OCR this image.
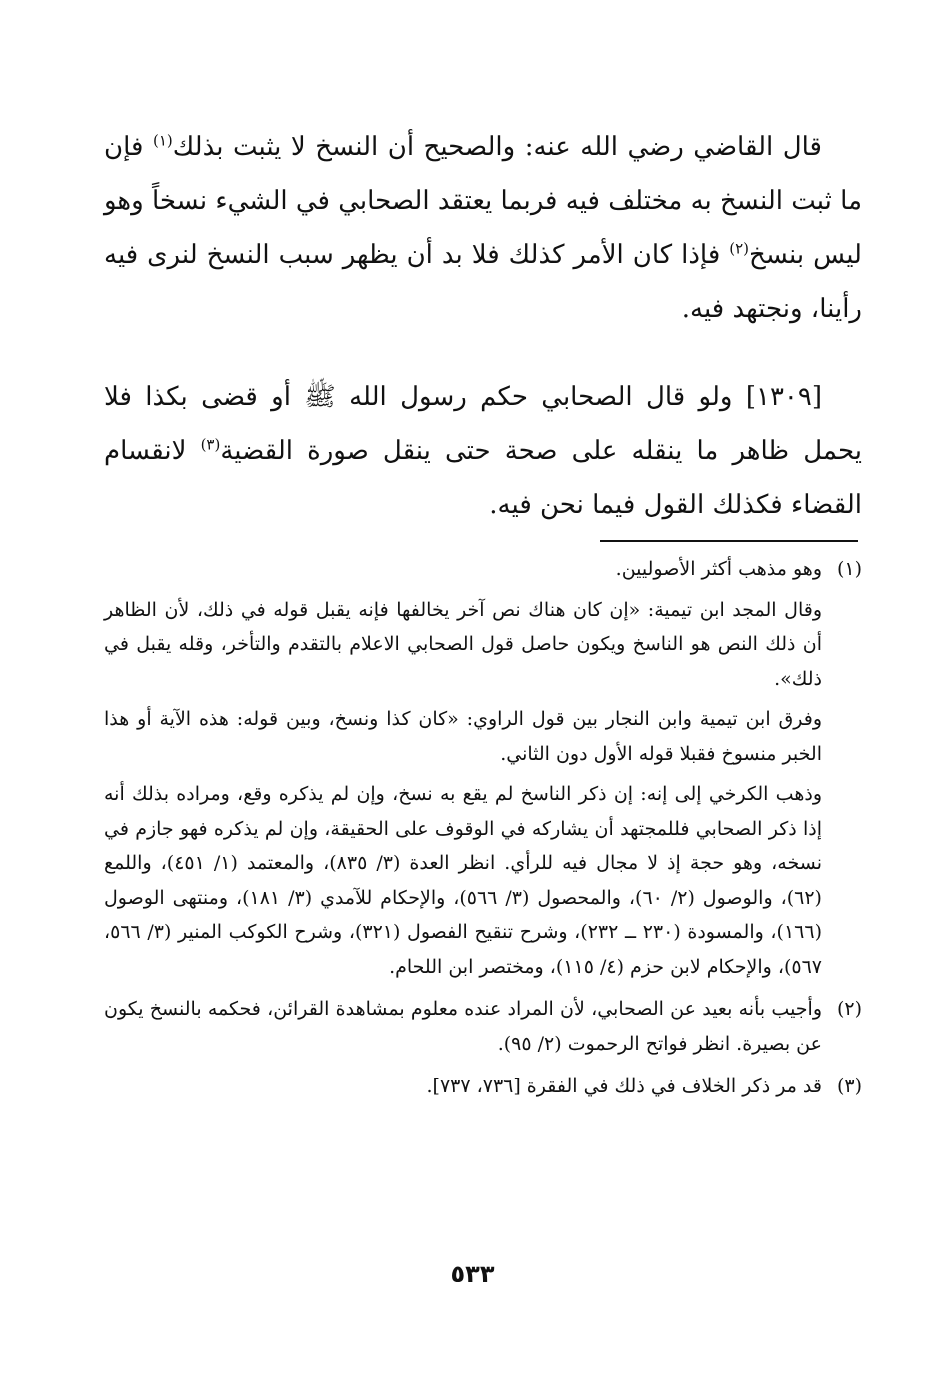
قال القاضي رضي الله عنه: والصحيح أن النسخ لا يثبت بذلك$^{(١)}$ فإن ما ثبت النسخ به مختلف فيه فربما يعتقد الصحابي في الشيء نسخاً وهو ليس بنسخ$^{(٢)}$ فإذا كان الأمر كذلك فلا بد أن يظهر سبب النسخ لنرى فيه رأينا، ونجتهد فيه.
[١٣٠٩] ولو قال الصحابي حكم رسول الله ﷺ أو قضى بكذا فلا يحمل ظاهر ما ينقله على صحة حتى ينقل صورة القضية$^{(٣)}$ لانقسام القضاء فكذلك القول فيما نحن فيه.
(١)

وهو مذهب أكثر الأصوليين.

وقال المجد ابن تيمية: «إن كان هناك نص آخر يخالفها فإنه يقبل قوله في ذلك، لأن الظاهر أن ذلك النص هو الناسخ ويكون حاصل قول الصحابي الاعلام بالتقدم والتأخر، وقله يقبل في ذلك».

وفرق ابن تيمية وابن النجار بين قول الراوي: «كان كذا ونسخ، وبين قوله: هذه الآية أو هذا الخبر منسوخ فقبلا قوله الأول دون الثاني.

وذهب الكرخي إلى إنه: إن ذكر الناسخ لم يقع به نسخ، وإن لم يذكره وقع، ومراده بذلك أنه إذا ذكر الصحابي فللمجتهد أن يشاركه في الوقوف على الحقيقة، وإن لم يذكره فهو جازم في نسخه، وهو حجة إذ لا مجال فيه للرأي. انظر العدة (٣/ ٨٣٥)، والمعتمد (١/ ٤٥١)، واللمع (٦٢)، والوصول (٢/ ٦٠)، والمحصول (٣/ ٥٦٦)، والإحكام للآمدي (٣/ ١٨١)، ومنتهى الوصول (١٦٦)، والمسودة (٢٣٠ ــ ٢٣٢)، وشرح تنقيح الفصول (٣٢١)، وشرح الكوكب المنير (٣/ ٥٦٦، ٥٦٧)، والإحكام لابن حزم (٤/ ١١٥)، ومختصر ابن اللحام.

(٢)

وأجيب بأنه بعيد عن الصحابي، لأن المراد عنده معلوم بمشاهدة القرائن، فحكمه بالنسخ يكون عن بصيرة. انظر فواتح الرحموت (٢/ ٩٥).

(٣)

قد مر ذكر الخلاف في ذلك في الفقرة [٧٣٦، ٧٣٧].

٥٣٣
